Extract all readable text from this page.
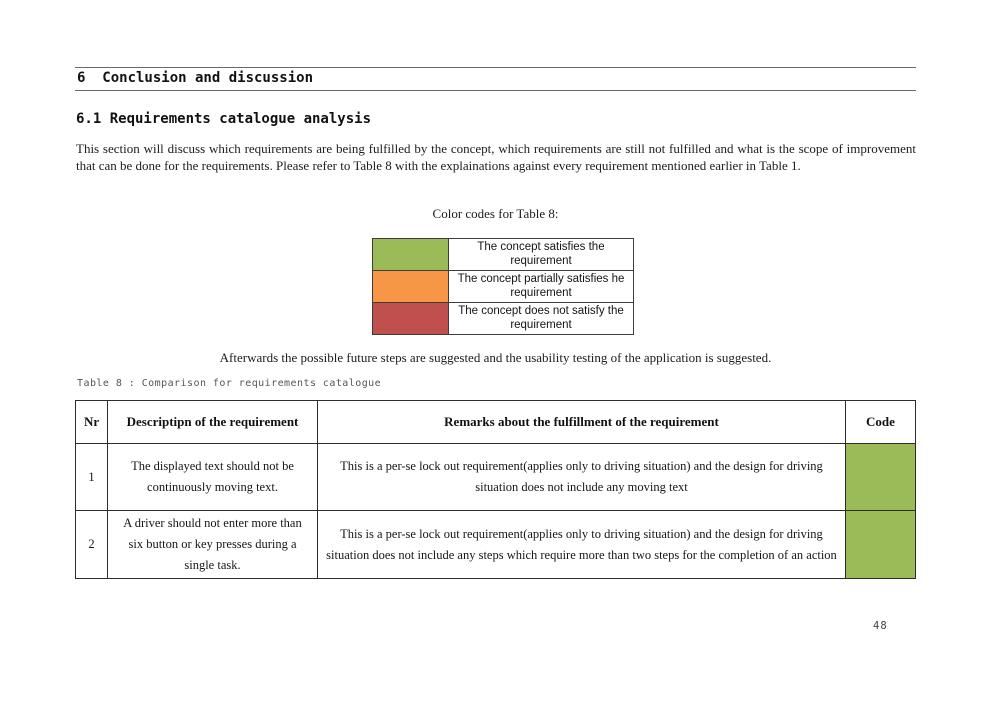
6  Conclusion and discussion
6.1 Requirements catalogue analysis

This section will discuss which requirements are being fulfilled by the concept, which requirements are still not fulfilled and what is the scope of improvement that can be done for the requirements. Please refer to Table 8 with the explainations against every requirement mentioned earlier in Table 1.

Color codes for Table 8:
	The concept satisfies the requirement
	The concept partially satisfies he requirement
	The concept does not satisfy the requirement
Afterwards the possible future steps are suggested and the usability testing of the application is suggested.
Table 8 : Comparison for requirements catalogue
Nr	Descriptipn of the requirement	Remarks about the fulfillment of the requirement	Code
1	The displayed text should not be continuously moving text.	This is a per-se lock out requirement(applies only to driving situation) and the design for driving situation does not include any moving text	
2	A driver should not enter more than six button or key presses during a single task.	This is a per-se lock out requirement(applies only to driving situation) and the design for driving situation does not include any steps which require more than two steps for the completion of an action	
48
